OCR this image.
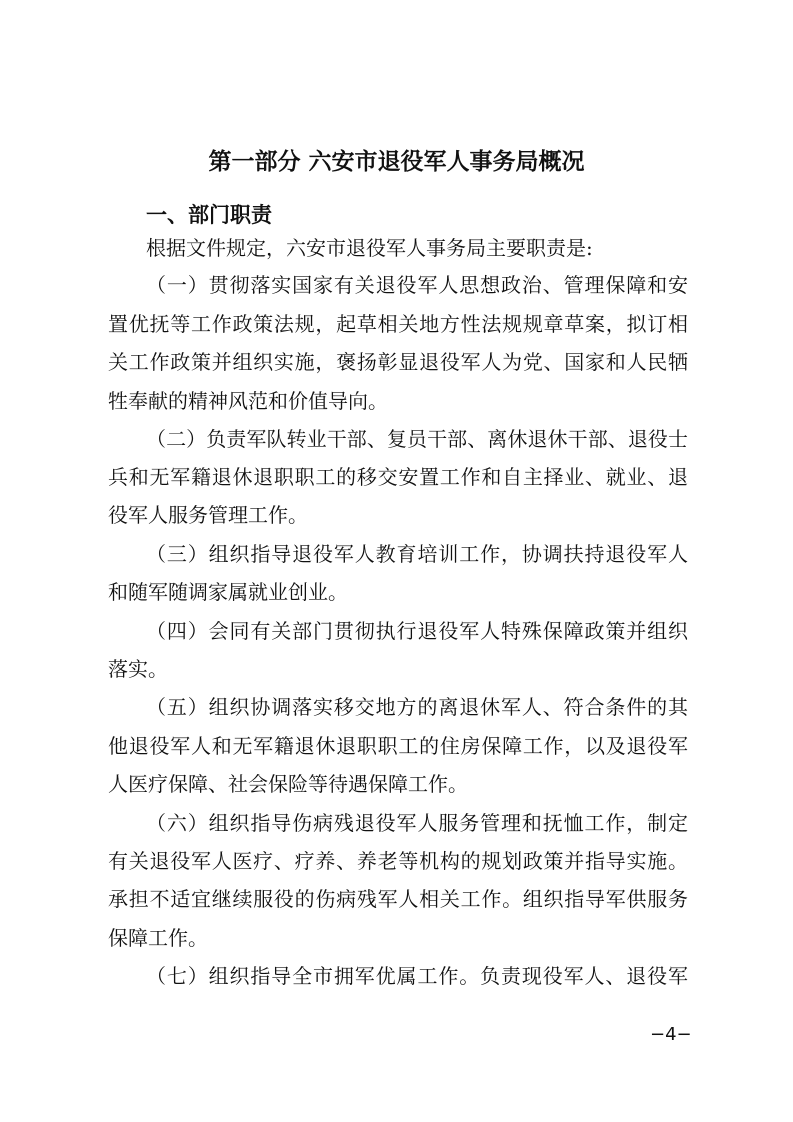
第一部分 六安市退役军人事务局概况
一、部门职责

根据文件规定，六安市退役军人事务局主要职责是:

（一）贯彻落实国家有关退役军人思想政治、管理保障和安

置优抚等工作政策法规，起草相关地方性法规规章草案，拟订相

关工作政策并组织实施，褒扬彰显退役军人为党、国家和人民牺

牲奉献的精神风范和价值导向。

（二）负责军队转业干部、复员干部、离休退休干部、退役士

兵和无军籍退休退职职工的移交安置工作和自主择业、就业、退

役军人服务管理工作。

（三）组织指导退役军人教育培训工作，协调扶持退役军人

和随军随调家属就业创业。

（四）会同有关部门贯彻执行退役军人特殊保障政策并组织

落实。

（五）组织协调落实移交地方的离退休军人、符合条件的其

他退役军人和无军籍退休退职职工的住房保障工作，以及退役军

人医疗保障、社会保险等待遇保障工作。

（六）组织指导伤病残退役军人服务管理和抚恤工作，制定

有关退役军人医疗、疗养、养老等机构的规划政策并指导实施。

承担不适宜继续服役的伤病残军人相关工作。组织指导军供服务

保障工作。

（七）组织指导全市拥军优属工作。负责现役军人、退役军

−4−
